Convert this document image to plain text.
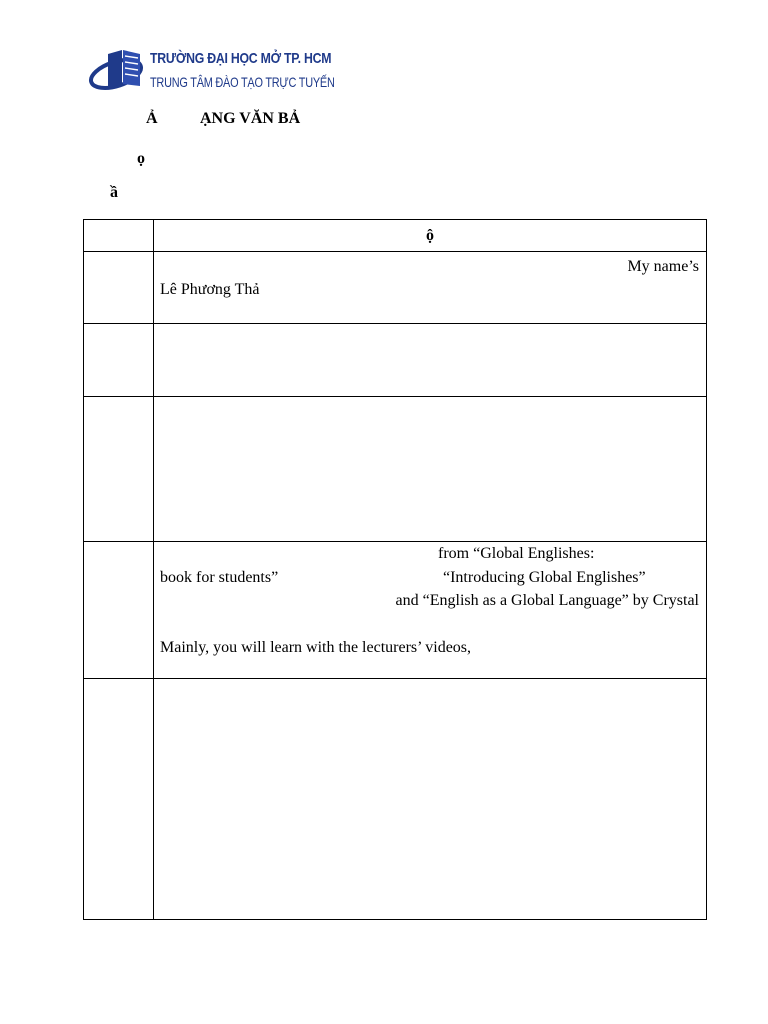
TRƯỜNG ĐẠI HỌC MỞ TP. HCM
TRUNG TÂM ĐÀO TẠO TRỰC TUYẾN
Ả	ẠNG VĂN BẢ
ọ
ầ

	ộ

	My name’s
Lê Phương Thả

	from “Global Englishes:
book for students” “Introducing Global Englishes”
and “English as a Global Language” by Crystal
Mainly, you will learn with the lecturers’ videos,
